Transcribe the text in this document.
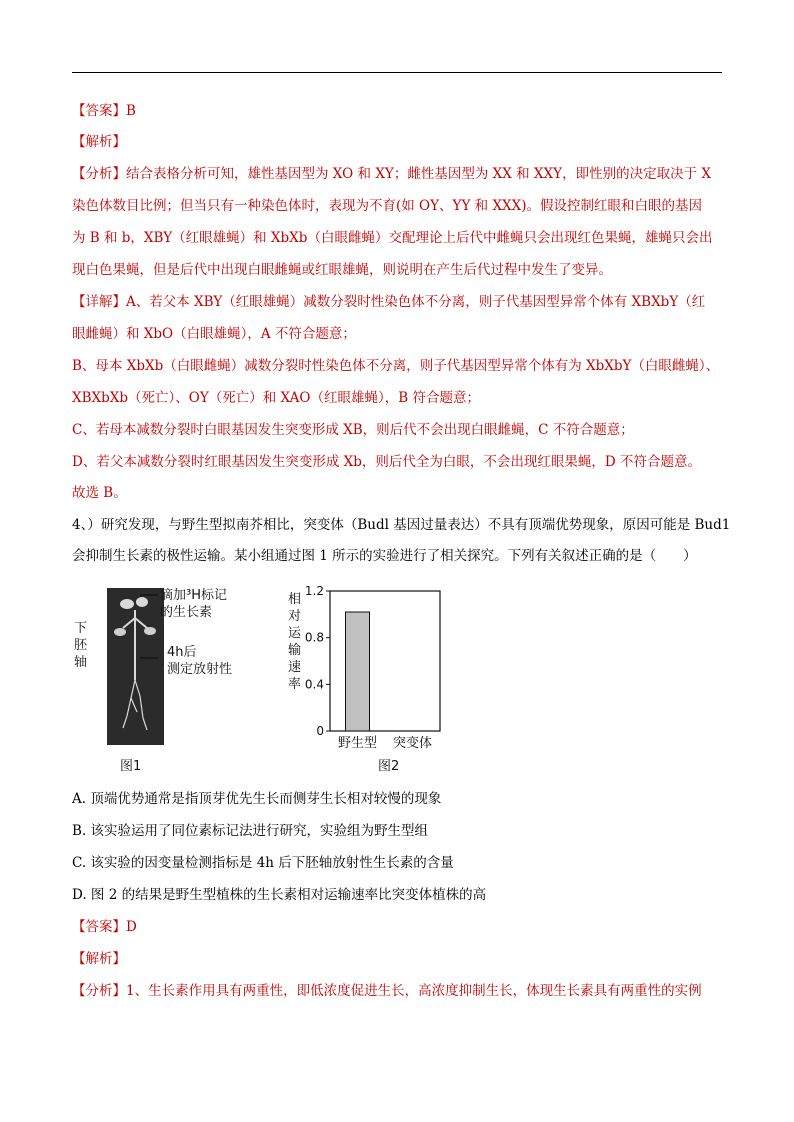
【答案】B
【解析】
【分析】结合表格分析可知，雄性基因型为 XO 和 XY；雌性基因型为 XX 和 XXY，即性别的决定取决于 X
染色体数目比例；但当只有一种染色体时，表现为不育(如 OY、YY 和 XXX)。假设控制红眼和白眼的基因
为 B 和 b，XBY（红眼雄蝇）和 XbXb（白眼雌蝇）交配理论上后代中雌蝇只会出现红色果蝇，雄蝇只会出
现白色果蝇，但是后代中出现白眼雌蝇或红眼雄蝇，则说明在产生后代过程中发生了变异。
【详解】A、若父本 XBY（红眼雄蝇）减数分裂时性染色体不分离，则子代基因型异常个体有 XBXbY（红
眼雌蝇）和 XbO（白眼雄蝇），A 不符合题意；
B、母本 XbXb（白眼雌蝇）减数分裂时性染色体不分离，则子代基因型异常个体有为 XbXbY（白眼雌蝇）、
XBXbXb（死亡）、OY（死亡）和 XAO（红眼雄蝇），B 符合题意；
C、若母本减数分裂时白眼基因发生突变形成 XB，则后代不会出现白眼雌蝇，C 不符合题意；
D、若父本减数分裂时红眼基因发生突变形成 Xb，则后代全为白眼，不会出现红眼果蝇，D 不符合题意。
故选 B。
4、）研究发现，与野生型拟南芥相比，突变体（Budl 基因过量表达）不具有顶端优势现象，原因可能是 Bud1
会抑制生长素的极性运输。某小组通过图 1 所示的实验进行了相关探究。下列有关叙述正确的是（　　）
A. 顶端优势通常是指顶芽优先生长而侧芽生长相对较慢的现象
B. 该实验运用了同位素标记法进行研究，实验组为野生型组
C. 该实验的因变量检测指标是 4h 后下胚轴放射性生长素的含量
D. 图 2 的结果是野生型植株的生长素相对运输速率比突变体植株的高
【答案】D
【解析】
【分析】1、生长素作用具有两重性，即低浓度促进生长，高浓度抑制生长，体现生长素具有两重性的实例
滴加³H标记
的生长素
下
胚
轴
4h后
测定放射性
图1
相
对
运
输
速
率
0
0.4
0.8
1.2
野生型 突变体
图2
